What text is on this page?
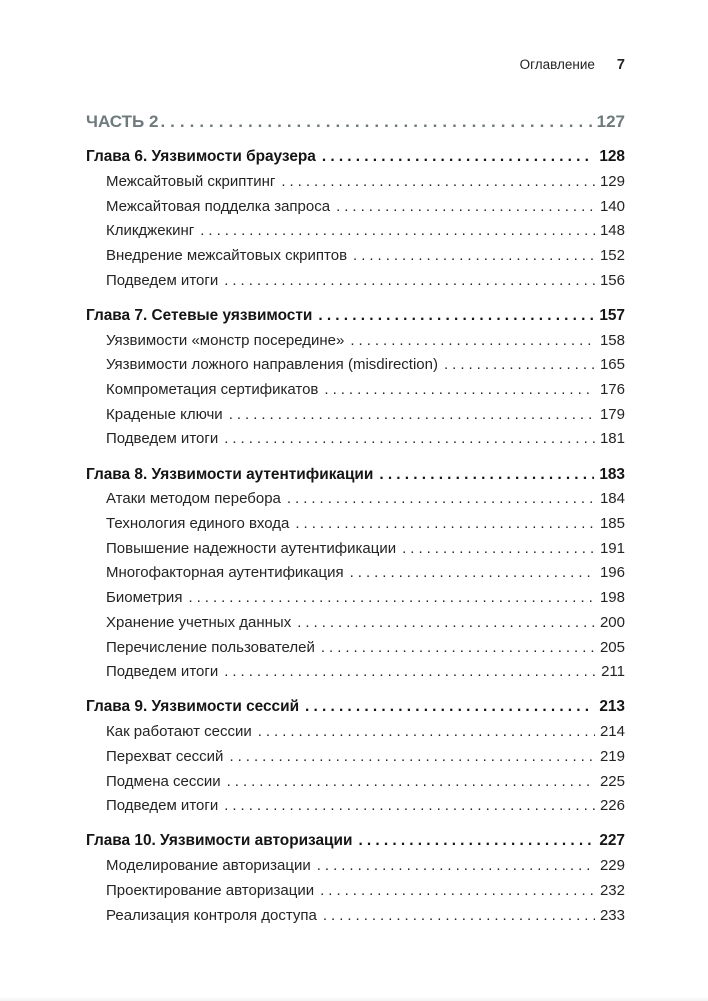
Оглавление 7
ЧАСТЬ 2 .....	127
Глава 6. Уязвимости браузера .....	128
Межсайтовый скриптинг .....	129
Межсайтовая подделка запроса .....	140
Кликджекинг .....	148
Внедрение межсайтовых скриптов .....	152
Подведем итоги .....	156
Глава 7. Сетевые уязвимости .....	157
Уязвимости «монстр посередине» .....	158
Уязвимости ложного направления (misdirection) .....	165
Компрометация сертификатов .....	176
Краденые ключи .....	179
Подведем итоги .....	181
Глава 8. Уязвимости аутентификации .....	183
Атаки методом перебора .....	184
Технология единого входа .....	185
Повышение надежности аутентификации .....	191
Многофакторная аутентификация .....	196
Биометрия .....	198
Хранение учетных данных .....	200
Перечисление пользователей .....	205
Подведем итоги .....	211
Глава 9. Уязвимости сессий .....	213
Как работают сессии .....	214
Перехват сессий .....	219
Подмена сессии .....	225
Подведем итоги .....	226
Глава 10. Уязвимости авторизации .....	227
Моделирование авторизации .....	229
Проектирование авторизации .....	232
Реализация контроля доступа .....	233
